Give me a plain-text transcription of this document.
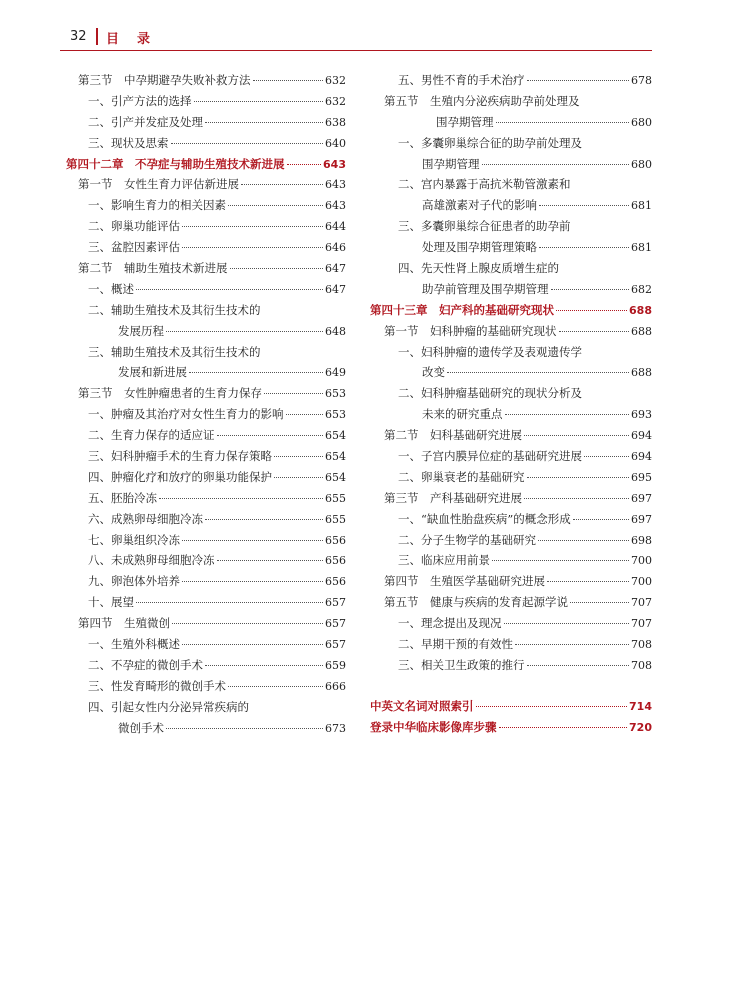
32 目录
第三节　中孕期避孕失败补救方法	632
一、引产方法的选择	632
二、引产并发症及处理	638
三、现状及思索	640
第四十二章　不孕症与辅助生殖技术新进展	643
第一节　女性生育力评估新进展	643
一、影响生育力的相关因素	643
二、卵巢功能评估	644
三、盆腔因素评估	646
第二节　辅助生殖技术新进展	647
一、概述	647
二、辅助生殖技术及其衍生技术的
发展历程	648
三、辅助生殖技术及其衍生技术的
发展和新进展	649
第三节　女性肿瘤患者的生育力保存	653
一、肿瘤及其治疗对女性生育力的影响	653
二、生育力保存的适应证	654
三、妇科肿瘤手术的生育力保存策略	654
四、肿瘤化疗和放疗的卵巢功能保护	654
五、胚胎冷冻	655
六、成熟卵母细胞冷冻	655
七、卵巢组织冷冻	656
八、未成熟卵母细胞冷冻	656
九、卵泡体外培养	656
十、展望	657
第四节　生殖微创	657
一、生殖外科概述	657
二、不孕症的微创手术	659
三、性发育畸形的微创手术	666
四、引起女性内分泌异常疾病的
微创手术	673
五、男性不育的手术治疗	678
第五节　生殖内分泌疾病助孕前处理及
围孕期管理	680
一、多囊卵巢综合征的助孕前处理及
围孕期管理	680
二、宫内暴露于高抗米勒管激素和
高雄激素对子代的影响	681
三、多囊卵巢综合征患者的助孕前
处理及围孕期管理策略	681
四、先天性肾上腺皮质增生症的
助孕前管理及围孕期管理	682
第四十三章　妇产科的基础研究现状	688
第一节　妇科肿瘤的基础研究现状	688
一、妇科肿瘤的遗传学及表观遗传学
改变	688
二、妇科肿瘤基础研究的现状分析及
未来的研究重点	693
第二节　妇科基础研究进展	694
一、子宫内膜异位症的基础研究进展	694
二、卵巢衰老的基础研究	695
第三节　产科基础研究进展	697
一、“缺血性胎盘疾病”的概念形成	697
二、分子生物学的基础研究	698
三、临床应用前景	700
第四节　生殖医学基础研究进展	700
第五节　健康与疾病的发育起源学说	707
一、理念提出及现况	707
二、早期干预的有效性	708
三、相关卫生政策的推行	708
中英文名词对照索引	714
登录中华临床影像库步骤	720
